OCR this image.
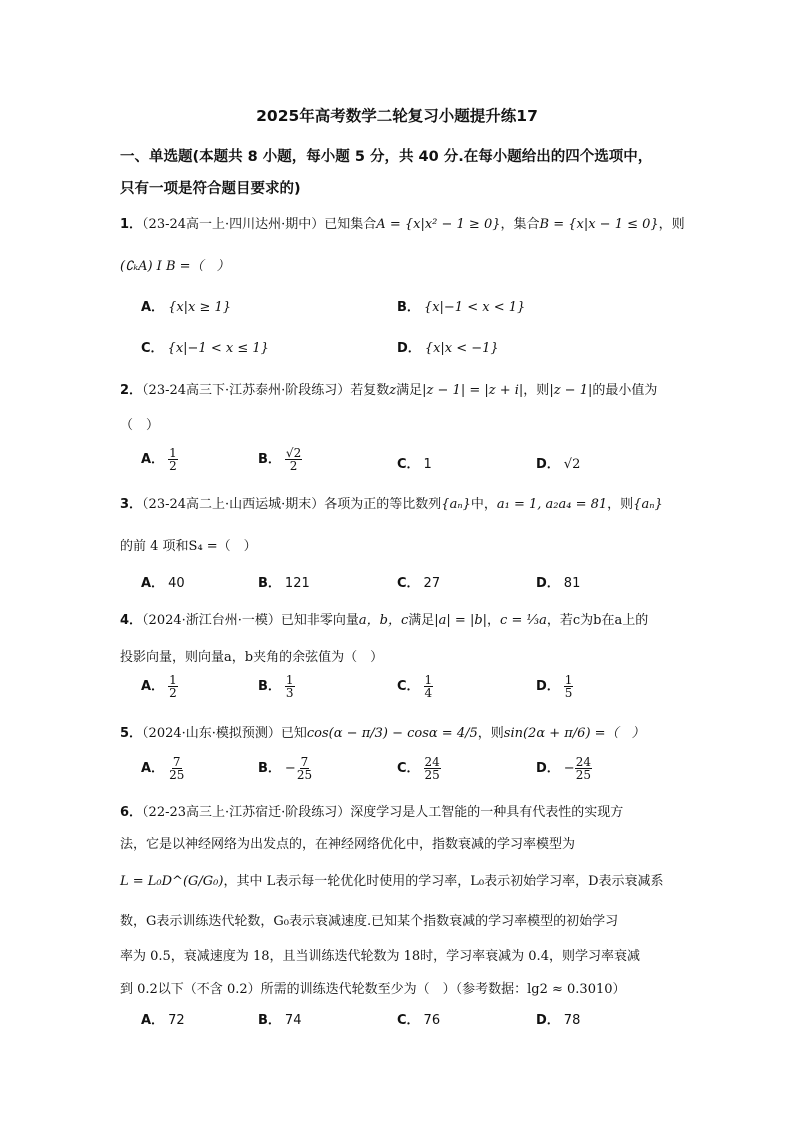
2025年高考数学二轮复习小题提升练17
一、单选题(本题共 8 小题，每小题 5 分，共 40 分.在每小题给出的四个选项中，
只有一项是符合题目要求的)
1．（23-24高一上·四川达州·期中）已知集合A = {x|x² − 1 ≥ 0}，集合B = {x|x − 1 ≤ 0}，则
(∁ₖA) I B =（　）
A． {x|x ≥ 1}	B． {x|−1 < x < 1}
C． {x|−1 < x ≤ 1}	D． {x|x < −1}
2．（23-24高三下·江苏泰州·阶段练习）若复数z满足|z − 1| = |z + i|，则|z − 1|的最小值为
（　）
A． $\frac{1}{2}$	B． $\frac{√2}{2}$	C． 1	D． √2
3．（23-24高二上·山西运城·期末）各项为正的等比数列{aₙ}中，a₁ = 1, a₂a₄ = 81，则{aₙ}
的前 4 项和S₄ =（　）
A． 40	B． 121	C． 27	D． 81
4．（2024·浙江台州·一模）已知非零向量a，b，c满足|a| = |b|，c = ⅓a，若c为b在a上的
投影向量，则向量a，b夹角的余弦值为（　）
A． $\frac{1}{2}$	B． $\frac{1}{3}$	C． $\frac{1}{4}$	D． $\frac{1}{5}$
5．（2024·山东·模拟预测）已知cos(α − π/3) − cosα = 4/5，则sin(2α + π/6) =（　）
A． $\frac{7}{25}$	B． − $\frac{7}{25}$	C． $\frac{24}{25}$	D． − $\frac{24}{25}$
6．（22-23高三上·江苏宿迁·阶段练习）深度学习是人工智能的一种具有代表性的实现方
法，它是以神经网络为出发点的，在神经网络优化中，指数衰减的学习率模型为
L = L₀D^(G/G₀)，其中 L表示每一轮优化时使用的学习率，L₀表示初始学习率，D表示衰减系
数，G表示训练迭代轮数，G₀表示衰减速度.已知某个指数衰减的学习率模型的初始学习
率为 0.5，衰减速度为 18，且当训练迭代轮数为 18时，学习率衰减为 0.4，则学习率衰减
到 0.2以下（不含 0.2）所需的训练迭代轮数至少为（　）（参考数据：lg2 ≈ 0.3010）
A． 72	B． 74	C． 76	D． 78
